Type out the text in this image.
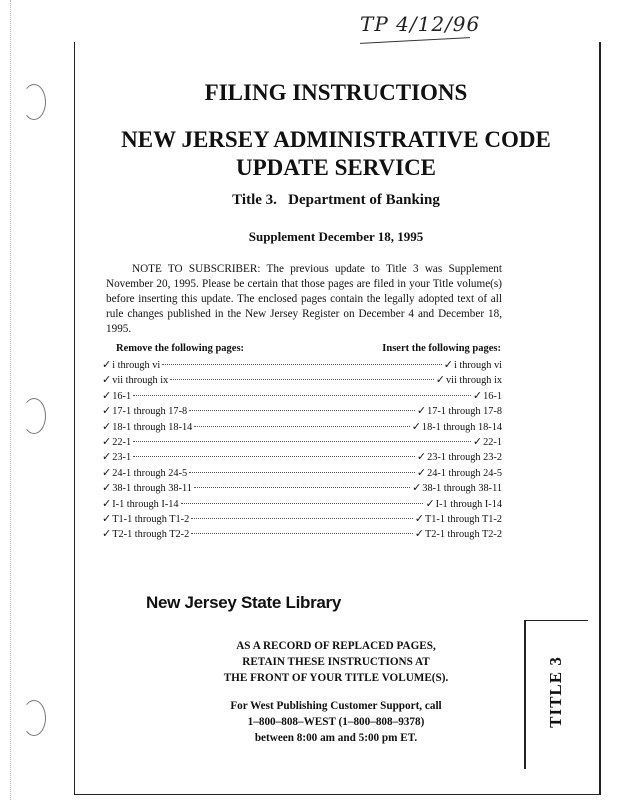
TP 4/12/96
FILING INSTRUCTIONS
NEW JERSEY ADMINISTRATIVE CODE
UPDATE SERVICE
Title 3.   Department of Banking
Supplement December 18, 1995
NOTE TO SUBSCRIBER: The previous update to Title 3 was Supplement November 20, 1995. Please be certain that those pages are filed in your Title volume(s) before inserting this update. The enclosed pages contain the legally adopted text of all rule changes published in the New Jersey Register on December 4 and December 18, 1995.
Remove the following pages:	Insert the following pages:
✓i through vi	✓i through vi
✓vii through ix	✓vii through ix
✓16-1	✓16-1
✓17-1 through 17-8	✓17-1 through 17-8
✓18-1 through 18-14	✓18-1 through 18-14
✓22-1	✓22-1
✓23-1	✓23-1 through 23-2
✓24-1 through 24-5	✓24-1 through 24-5
✓38-1 through 38-11	✓38-1 through 38-11
✓I-1 through I-14	✓I-1 through I-14
✓T1-1 through T1-2	✓T1-1 through T1-2
✓T2-1 through T2-2	✓T2-1 through T2-2
New Jersey State Library
AS A RECORD OF REPLACED PAGES,
RETAIN THESE INSTRUCTIONS AT
THE FRONT OF YOUR TITLE VOLUME(S).
For West Publishing Customer Support, call
1–800–808–WEST (1–800–808–9378)
between 8:00 am and 5:00 pm ET.
TITLE 3
